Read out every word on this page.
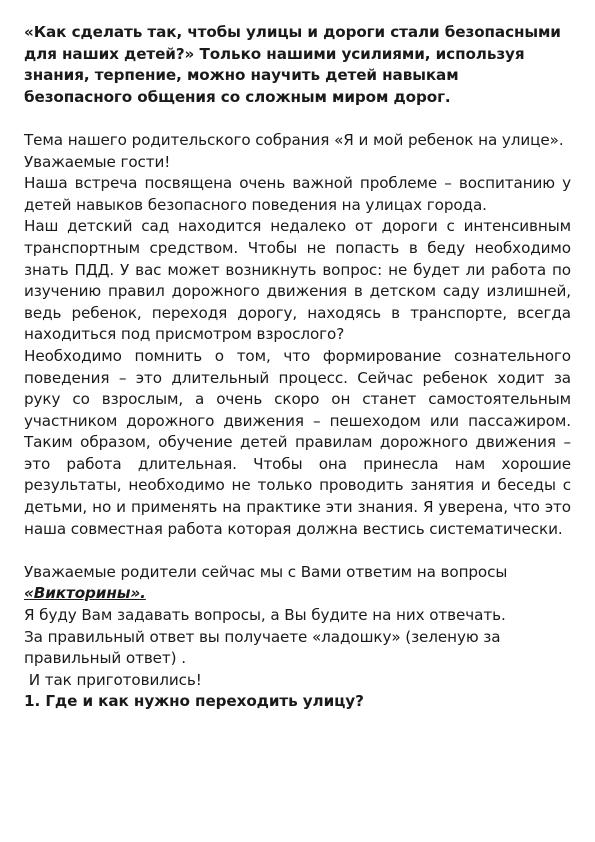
«Как сделать так, чтобы улицы и дороги стали безопасными для наших детей?» Только нашими усилиями, используя знания, терпение, можно научить детей навыкам безопасного общения со сложным миром дорог.

Тема нашего родительского собрания «Я и мой ребенок на улице».

Уважаемые гости!

Наша встреча посвящена очень важной проблеме – воспитанию у детей навыков безопасного поведения на улицах города.

Наш детский сад находится недалеко от дороги с интенсивным транспортным средством. Чтобы не попасть в беду необходимо знать ПДД. У вас может возникнуть вопрос: не будет ли работа по изучению правил дорожного движения в детском саду излишней, ведь ребенок, переходя дорогу, находясь в транспорте, всегда находиться под присмотром взрослого?

Необходимо помнить о том, что формирование сознательного поведения – это длительный процесс. Сейчас ребенок ходит за руку со взрослым, а очень скоро он станет самостоятельным участником дорожного движения – пешеходом или пассажиром. Таким образом, обучение детей правилам дорожного движения – это работа длительная. Чтобы она принесла нам хорошие результаты, необходимо не только проводить занятия и беседы с детьми, но и применять на практике эти знания. Я уверена, что это наша совместная работа которая должна вестись систематически.

Уважаемые родители сейчас мы с Вами ответим на вопросы

«Викторины».

Я буду Вам задавать вопросы, а Вы будите на них отвечать.

За правильный ответ вы получаете «ладошку» (зеленую за правильный ответ) .

И так приготовились!

1. Где и как нужно переходить улицу?
